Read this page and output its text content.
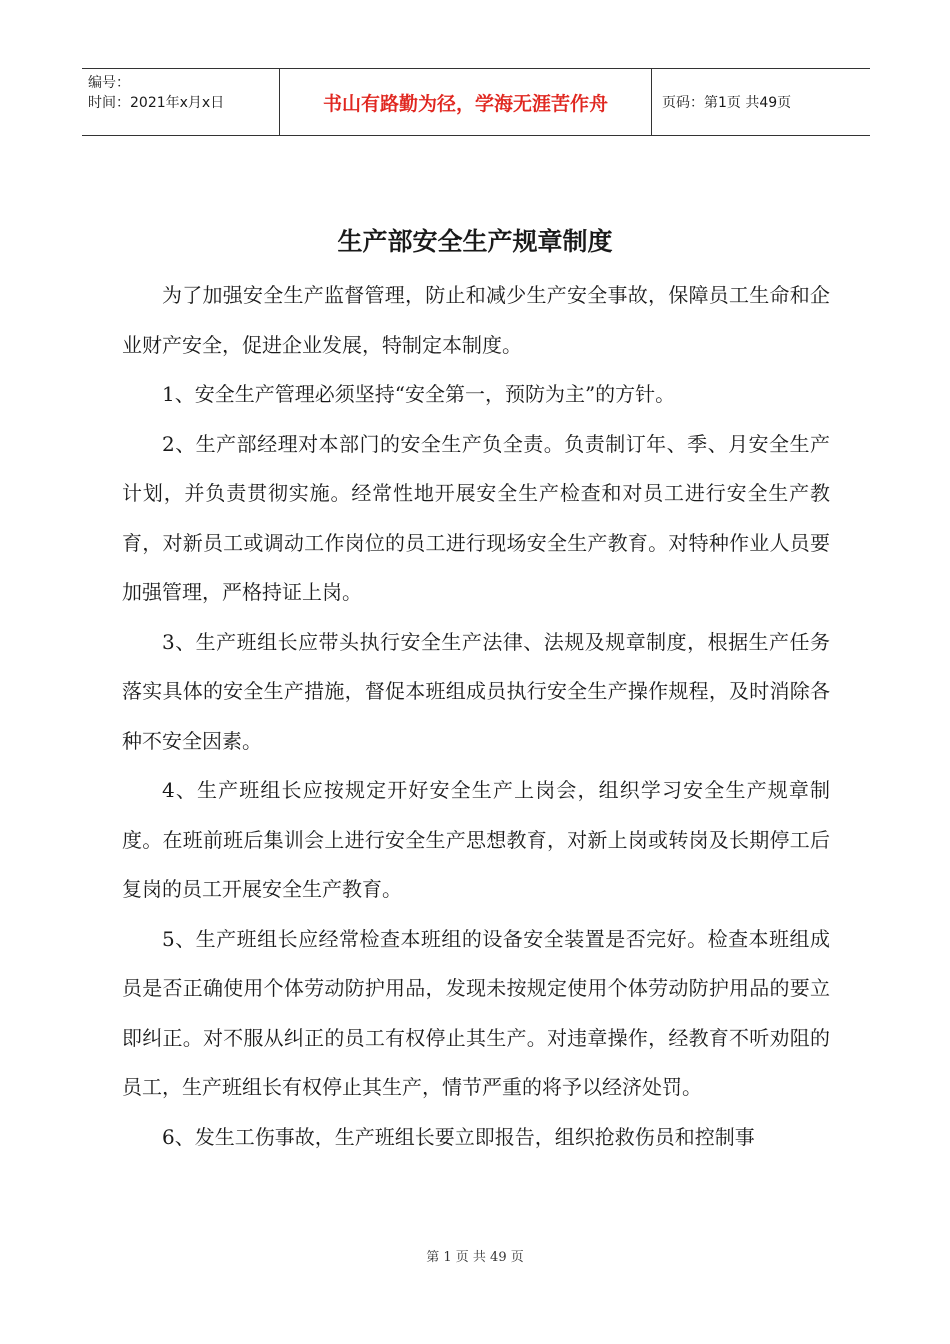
编号：
时间：2021年x月x日	书山有路勤为径，学海无涯苦作舟	页码：第1页 共49页
生产部安全生产规章制度

为了加强安全生产监督管理，防止和减少生产安全事故，保障员工生命和企业财产安全，促进企业发展，特制定本制度。

1、安全生产管理必须坚持“安全第一，预防为主”的方针。

2、生产部经理对本部门的安全生产负全责。负责制订年、季、月安全生产计划，并负责贯彻实施。经常性地开展安全生产检查和对员工进行安全生产教育，对新员工或调动工作岗位的员工进行现场安全生产教育。对特种作业人员要加强管理，严格持证上岗。

3、生产班组长应带头执行安全生产法律、法规及规章制度，根据生产任务落实具体的安全生产措施，督促本班组成员执行安全生产操作规程，及时消除各种不安全因素。

4、生产班组长应按规定开好安全生产上岗会，组织学习安全生产规章制度。在班前班后集训会上进行安全生产思想教育，对新上岗或转岗及长期停工后复岗的员工开展安全生产教育。

5、生产班组长应经常检查本班组的设备安全装置是否完好。检查本班组成员是否正确使用个体劳动防护用品，发现未按规定使用个体劳动防护用品的要立即纠正。对不服从纠正的员工有权停止其生产。对违章操作，经教育不听劝阻的员工，生产班组长有权停止其生产，情节严重的将予以经济处罚。

6、发生工伤事故，生产班组长要立即报告，组织抢救伤员和控制事

第 1 页 共 49 页
